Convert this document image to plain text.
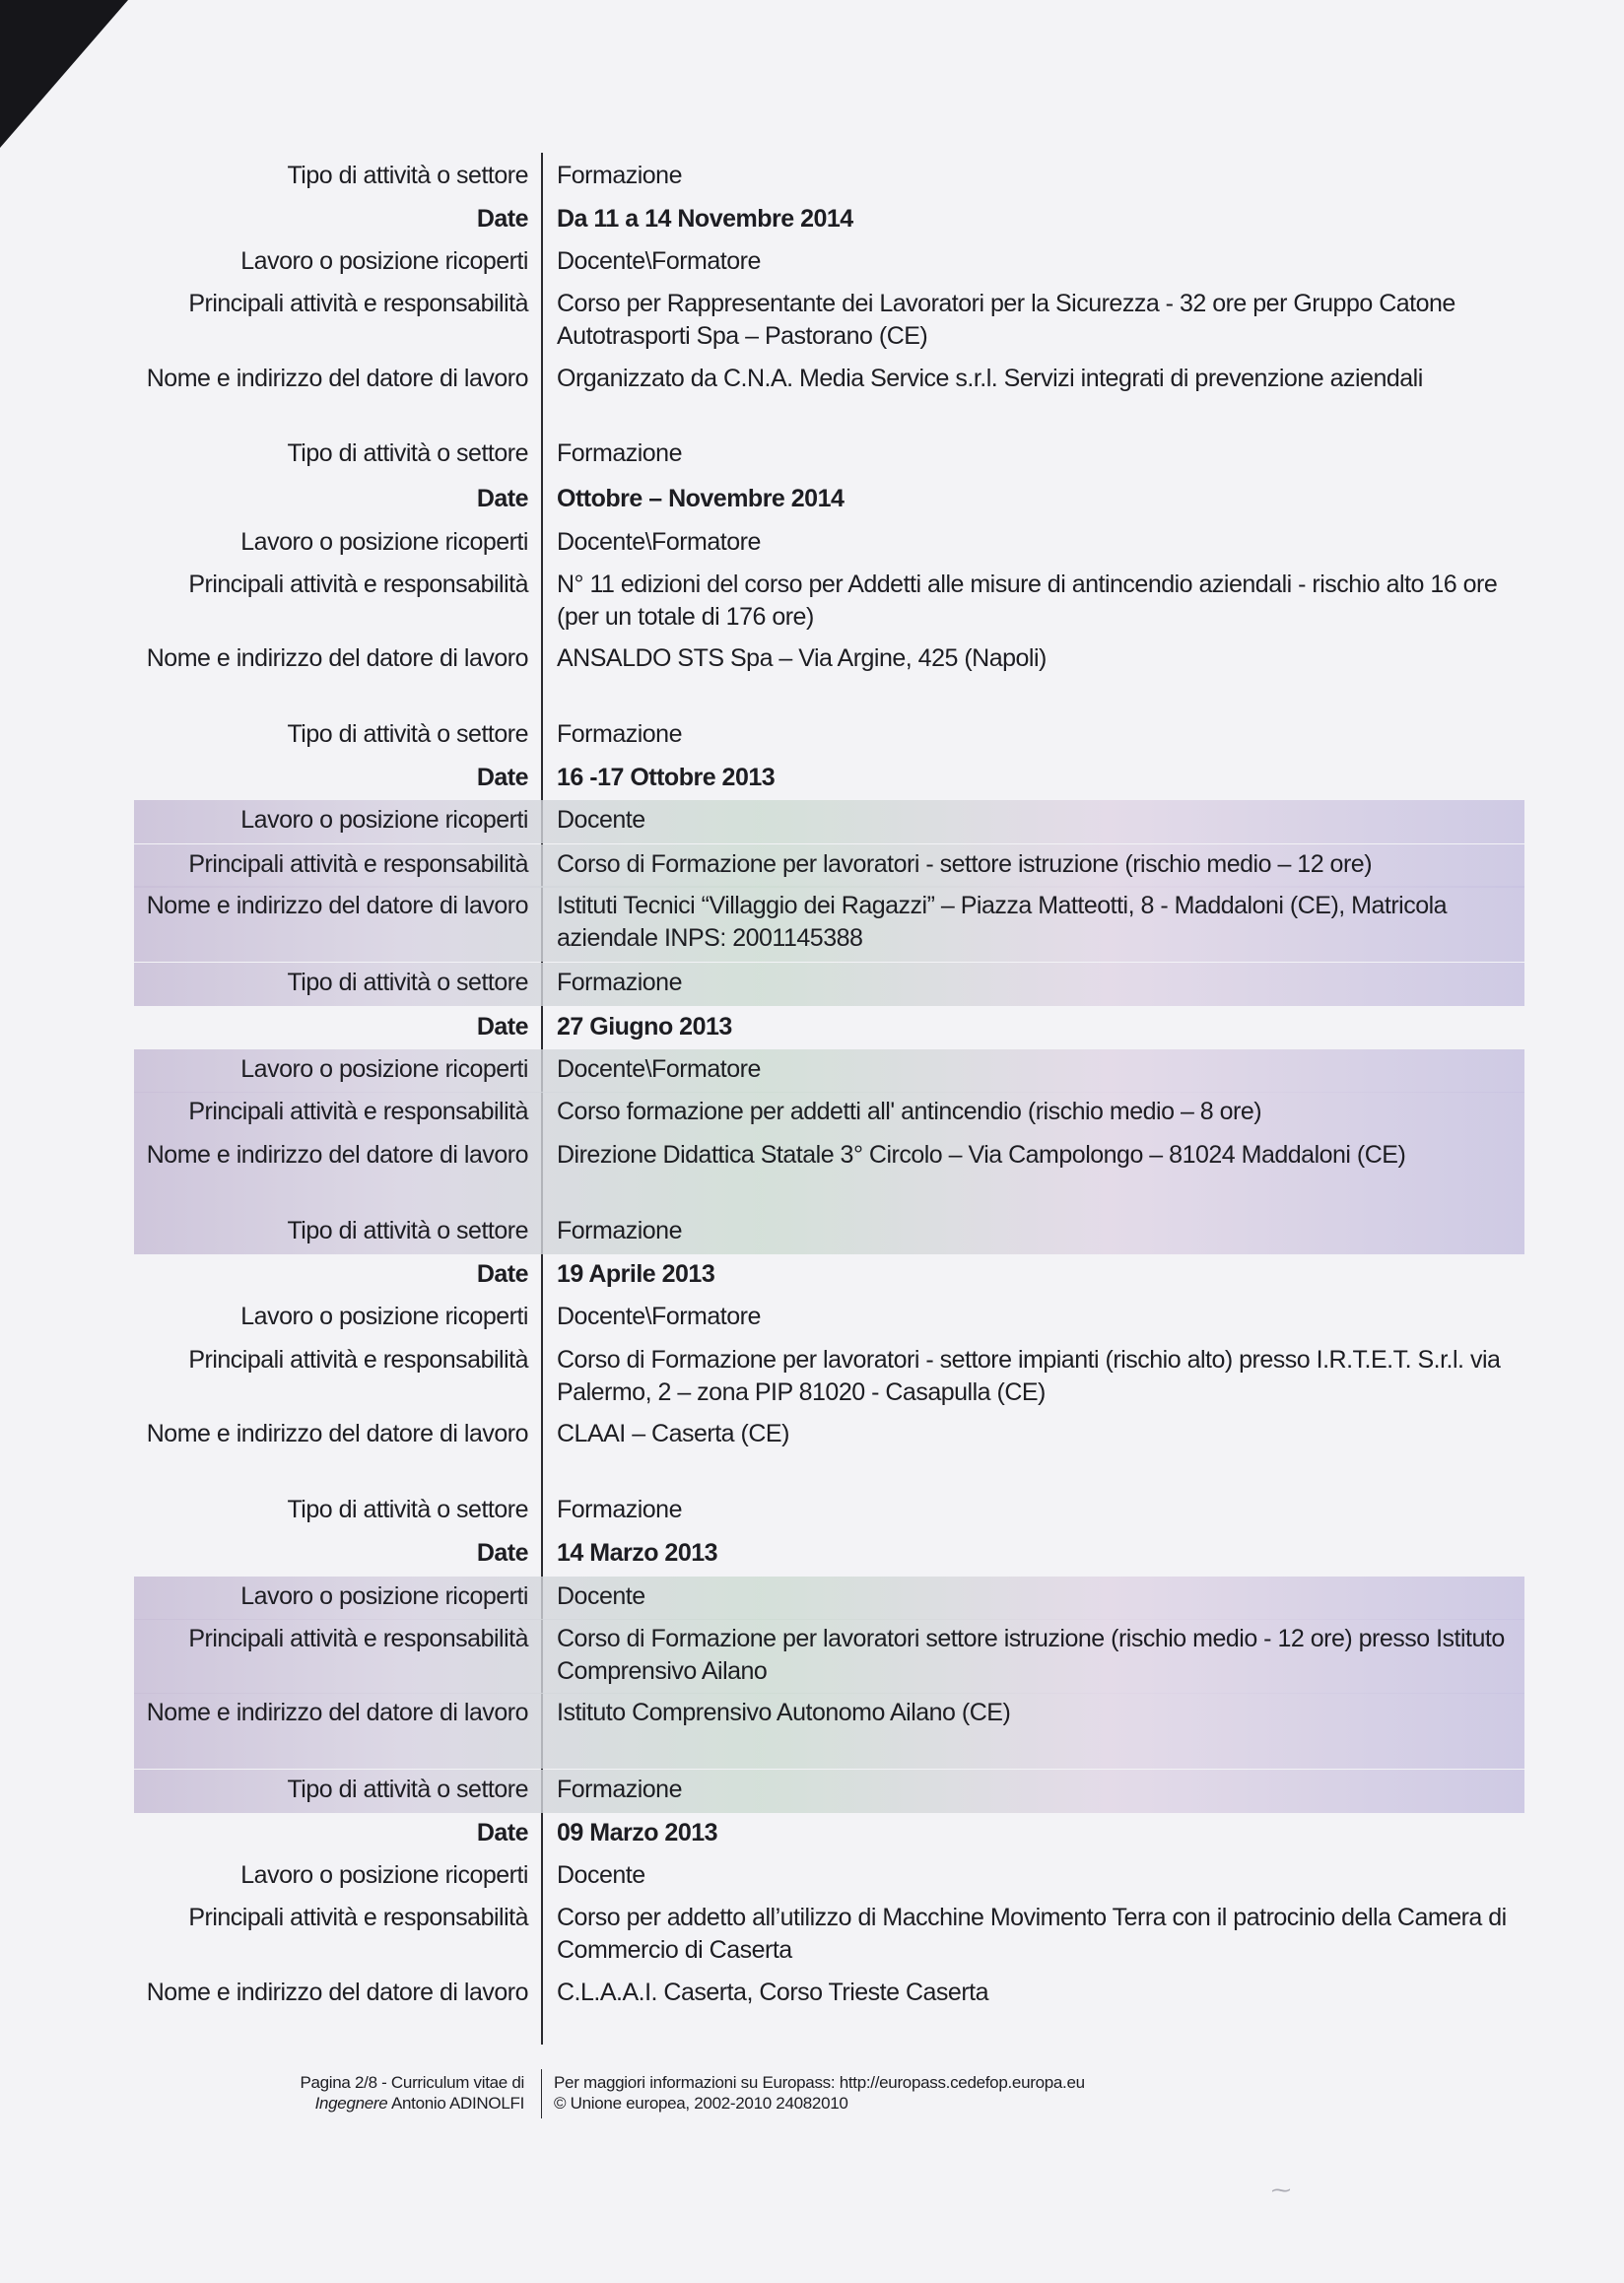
Tipo di attività o settore Formazione
Date Da 11 a 14 Novembre 2014
Lavoro o posizione ricoperti Docente\Formatore
Principali attività e responsabilità Corso per Rappresentante dei Lavoratori per la Sicurezza - 32 ore per Gruppo Catone Autotrasporti Spa – Pastorano (CE)
Nome e indirizzo del datore di lavoro Organizzato da C.N.A. Media Service s.r.l. Servizi integrati di prevenzione aziendali
Tipo di attività o settore Formazione
Date Ottobre – Novembre 2014
Lavoro o posizione ricoperti Docente\Formatore
Principali attività e responsabilità N° 11 edizioni del corso per Addetti alle misure di antincendio aziendali - rischio alto 16 ore (per un totale di 176 ore)
Nome e indirizzo del datore di lavoro ANSALDO STS Spa – Via Argine, 425 (Napoli)
Tipo di attività o settore Formazione
Date 16 -17 Ottobre 2013
Lavoro o posizione ricoperti Docente
Principali attività e responsabilità Corso di Formazione per lavoratori - settore istruzione (rischio medio – 12 ore)
Nome e indirizzo del datore di lavoro Istituti Tecnici “Villaggio dei Ragazzi” – Piazza Matteotti, 8 - Maddaloni (CE), Matricola aziendale INPS: 2001145388
Tipo di attività o settore Formazione
Date 27 Giugno 2013
Lavoro o posizione ricoperti Docente\Formatore
Principali attività e responsabilità Corso formazione per addetti all' antincendio (rischio medio – 8 ore)
Nome e indirizzo del datore di lavoro Direzione Didattica Statale 3° Circolo – Via Campolongo – 81024 Maddaloni (CE)
Tipo di attività o settore Formazione
Date 19 Aprile 2013
Lavoro o posizione ricoperti Docente\Formatore
Principali attività e responsabilità Corso di Formazione per lavoratori - settore impianti (rischio alto) presso I.R.T.E.T. S.r.l. via Palermo, 2 – zona PIP 81020 - Casapulla (CE)
Nome e indirizzo del datore di lavoro CLAAI – Caserta (CE)
Tipo di attività o settore Formazione
Date 14 Marzo 2013
Lavoro o posizione ricoperti Docente
Principali attività e responsabilità Corso di Formazione per lavoratori settore istruzione (rischio medio - 12 ore) presso Istituto Comprensivo Ailano
Nome e indirizzo del datore di lavoro Istituto Comprensivo Autonomo Ailano (CE)
Tipo di attività o settore Formazione
Date 09 Marzo 2013
Lavoro o posizione ricoperti Docente
Principali attività e responsabilità Corso per addetto all’utilizzo di Macchine Movimento Terra con il patrocinio della Camera di Commercio di Caserta
Nome e indirizzo del datore di lavoro C.L.A.A.I. Caserta, Corso Trieste Caserta
Pagina 2/8 - Curriculum vitae di
Ingegnere Antonio ADINOLFI
Per maggiori informazioni su Europass: http://europass.cedefop.europa.eu
© Unione europea, 2002-2010 24082010
⁓
